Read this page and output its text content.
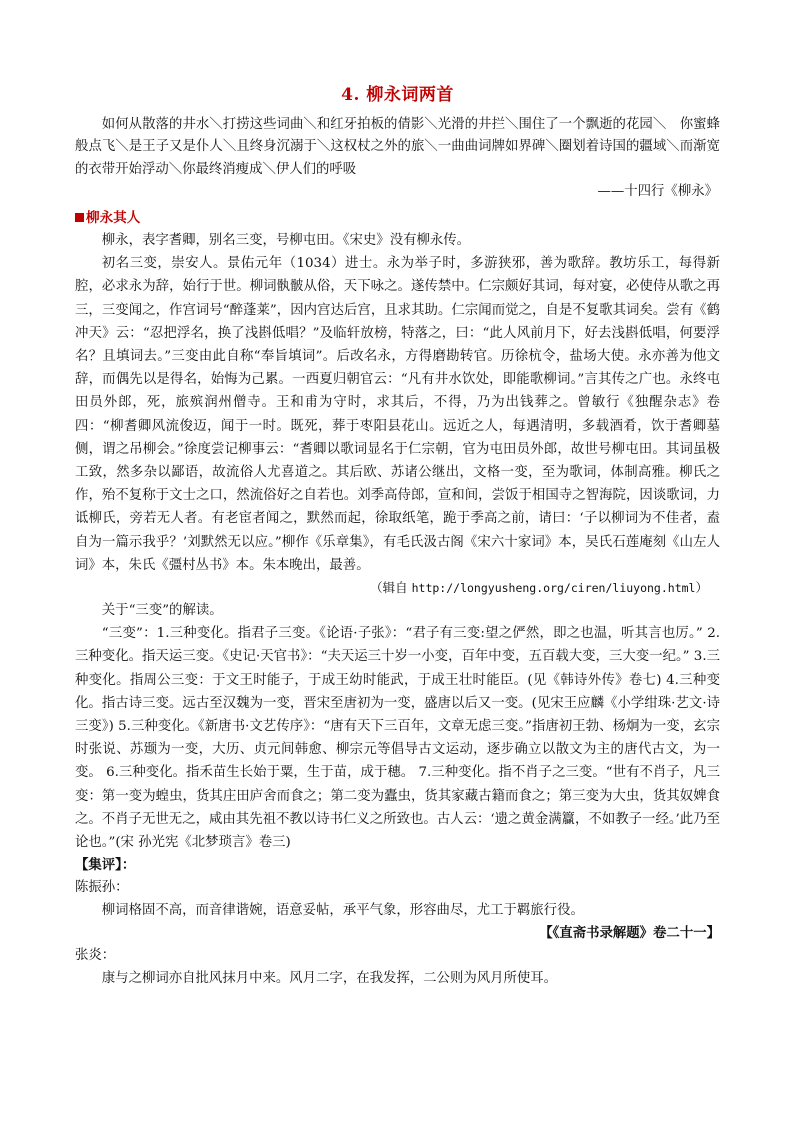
4. 柳永词两首

如何从散落的井水＼打捞这些词曲＼和红牙拍板的倩影＼光滑的井拦＼围住了一个飘逝的花园＼　你蜜蜂般点飞＼是王子又是仆人＼且终身沉溺于＼这权杖之外的旅＼一曲曲词牌如界碑＼圈划着诗国的疆域＼而渐宽的衣带开始浮动＼你最终消瘦成＼伊人们的呼吸

——十四行《柳永》

柳永其人

柳永，表字耆卿，别名三变，号柳屯田。《宋史》没有柳永传。

初名三变，崇安人。景佑元年（1034）进士。永为举子时，多游狭邪，善为歌辞。教坊乐工，每得新腔，必求永为辞，始行于世。柳词骫骳从俗，天下咏之。遂传禁中。仁宗颇好其词，每对宴，必使侍从歌之再三，三变闻之，作宫词号“醉蓬莱”，因内宫达后宫，且求其助。仁宗闻而觉之，自是不复歌其词矣。尝有《鹤冲天》云：“忍把浮名，换了浅斟低唱？”及临轩放榜，特落之，曰：“此人风前月下，好去浅斟低唱，何要浮名？且填词去。”三变由此自称“奉旨填词”。后改名永，方得磨勘转官。历徐杭令，盐场大使。永亦善为他文辞，而偶先以是得名，始悔为己累。一西夏归朝官云：“凡有井水饮处，即能歌柳词。”言其传之广也。永终屯田员外郎，死，旅殡润州僧寺。王和甫为守时，求其后，不得，乃为出钱葬之。曾敏行《独醒杂志》卷四：“柳耆卿风流俊迈，闻于一时。既死，葬于枣阳县花山。远近之人，每遇清明，多载酒肴，饮于耆卿墓侧，谓之吊柳会。”徐度尝记柳事云：“耆卿以歌词显名于仁宗朝，官为屯田员外郎，故世号柳屯田。其词虽极工致，然多杂以鄙语，故流俗人尤喜道之。其后欧、苏诸公继出，文格一变，至为歌词，体制高雅。柳氏之作，殆不复称于文士之口，然流俗好之自若也。刘季高侍郎，宣和间，尝饭于相国寺之智海院，因谈歌词，力诋柳氏，旁若无人者。有老宦者闻之，默然而起，徐取纸笔，跪于季高之前，请曰：‘子以柳词为不佳者，盍自为一篇示我乎？’刘默然无以应。”柳作《乐章集》，有毛氏汲古阁《宋六十家词》本，吴氏石莲庵刻《山左人词》本，朱氏《彊村丛书》本。朱本晚出，最善。

（辑自 http://longyusheng.org/ciren/liuyong.html）

关于“三变”的解读。

“三变”：1.三种变化。指君子三变。《论语·子张》：“君子有三变:望之俨然，即之也温，听其言也厉。” 2.三种变化。指天运三变。《史记·天官书》：“夫天运三十岁一小变，百年中变，五百载大变，三大变一纪。” 3.三种变化。指周公三变：于文王时能子，于成王幼时能武，于成王壮时能臣。(见《韩诗外传》卷七) 4.三种变化。指古诗三变。远古至汉魏为一变，晋宋至唐初为一变，盛唐以后又一变。(见宋王应麟《小学绀珠·艺文·诗三变》) 5.三种变化。《新唐书·文艺传序》：“唐有天下三百年，文章无虑三变。”指唐初王勃、杨炯为一变，玄宗时张说、苏颋为一变，大历、贞元间韩愈、柳宗元等倡导古文运动，逐步确立以散文为主的唐代古文，为一变。 6.三种变化。指禾苗生长始于粟，生于苗，成于穗。 7.三种变化。指不肖子之三变。“世有不肖子，凡三变：第一变为蝗虫，货其庄田庐舍而食之；第二变为蠹虫，货其家藏古籍而食之；第三变为大虫，货其奴婢食之。不肖子无世无之，咸由其先祖不教以诗书仁义之所致也。古人云：‘遗之黄金满籯，不如教子一经。’此乃至论也。”(宋 孙光宪《北梦琐言》卷三)

【集评】：

陈振孙：

柳词格固不高，而音律谐婉，语意妥帖，承平气象，形容曲尽，尤工于羁旅行役。

【《直斋书录解题》卷二十一】

张炎：

康与之柳词亦自批风抹月中来。风月二字，在我发挥，二公则为风月所使耳。
